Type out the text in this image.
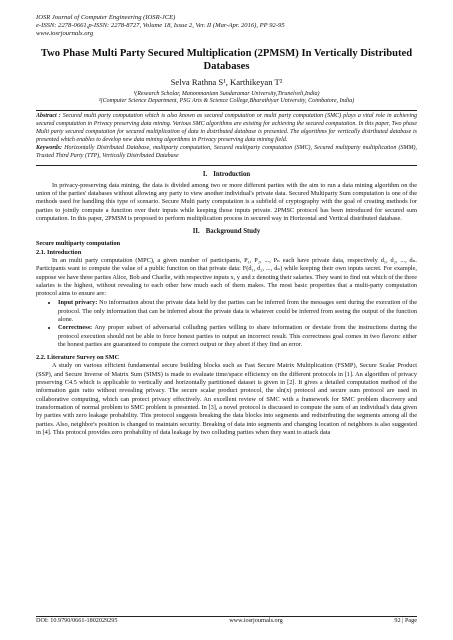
IOSR Journal of Computer Engineering (IOSR-JCE)

e-ISSN: 2278-0661,p-ISSN: 2278-8727, Volume 18, Issue 2, Ver. II (Mar-Apr. 2016), PP 92-95

www.iosrjournals.org

Two Phase Multi Party Secured Multiplication (2PMSM) In Vertically Distributed Databases
Selva Rathna S¹, Karthikeyan T²

¹(Research Scholar, Manonmaniam Sundaramar University,Tirunelveli,India)

²(Computer Science Department, PSG Arts & Science College,Bharathiyar University, Coimbatore, India)

Abstract : Secured multi party computation which is also known as secured computation or multi party computation (SMC) plays a vital role in achieving secured computation in Privacy preserving data mining. Various SMC algorithms are existing for achieving the secured computation. In this paper, Two phase Multi party secured computation for secured multiplication of data in distributed database is presented. The algorithms for vertically distributed database is presented which enables to develop new data mining algorithms in Privacy preserving data mining field.

Keywords: Horizontally Distributed Database, multiparty computation, Secured multiparty computation (SMC), Secured multiparty multiplication (SMM), Trusted Third Party (TTP), Vertically Distributed Database

I. Introduction

In privacy-preserving data mining, the data is divided among two or more different parties with the aim to run a data mining algorithm on the union of the parties' databases without allowing any party to view another individual's private data. Secured Multiparty Sum computation is one of the methods used for handling this type of scenario. Secure Multi party computation is a subfield of cryptography with the goal of creating methods for parties to jointly compute a function over their inputs while keeping those inputs private. 2PMSC protocol has been introduced for secured sum computation. In this paper, 2PMSM is proposed to perform multiplication process in secured way in Horizontal and Vertical distributed database.

II. Background Study

Secure multiparty computation

2.1. Introduction

In an multi party computation (MPC), a given number of participants, P₁, P₂, ..., Pₙ each have private data, respectively d₁, d₂, ..., dₙ. Participants want to compute the value of a public function on that private data: F(d₁, d₂, ..., dₙ) while keeping their own inputs secret. For example, suppose we have three parties Alice, Bob and Charlie, with respective inputs x, y and z denoting their salaries. They want to find out which of the three salaries is the highest, without revealing to each other how much each of them makes. The most basic properties that a multi-party computation protocol aims to ensure are:

• Input privacy: No information about the private data held by the parties can be inferred from the messages sent during the execution of the protocol. The only information that can be inferred about the private data is whatever could be inferred from seeing the output of the function alone.
• Correctness: Any proper subset of adversarial colluding parties willing to share information or deviate from the instructions during the protocol execution should not be able to force honest parties to output an incorrect result. This correctness goal comes in two flavors: either the honest parties are guaranteed to compute the correct output or they abort if they find an error.

2.2. Literature Survey on SMC

A study on various efficient fundamental secure building blocks such as Fast Secure Matrix Multiplication (FSMP), Secure Scalar Product (SSP), and Secure Inverse of Matrix Sum (SIMS) is made to evaluate time/space efficiency on the different protocols in [1]. An algorithm of privacy preserving C4.5 which is applicable to vertically and horizontally partitioned dataset is given in [2]. It gives a detailed computation method of the information gain ratio without revealing privacy. The secure scalar product protocol, the sln(x) protocol and secure sum protocol are used in collaborative computing, which can protect privacy effectively. An excellent review of SMC with a framework for SMC problem discovery and transformation of normal problem to SMC problem is presented. In [3], a novel protocol is discussed to compute the sum of an individual's data given by parties with zero leakage probability. This protocol suggests breaking the data blocks into segments and redistributing the segments among all the parties. Also, neighbor's position is changed to maintain security. Breaking of data into segments and changing location of neighbors is also suggested in [4]. This protocol provides zero probability of data leakage by two colluding parties when they want to attack data

DOI: 10.9790/0661-1802029295	www.iosrjournals.org	92 | Page
